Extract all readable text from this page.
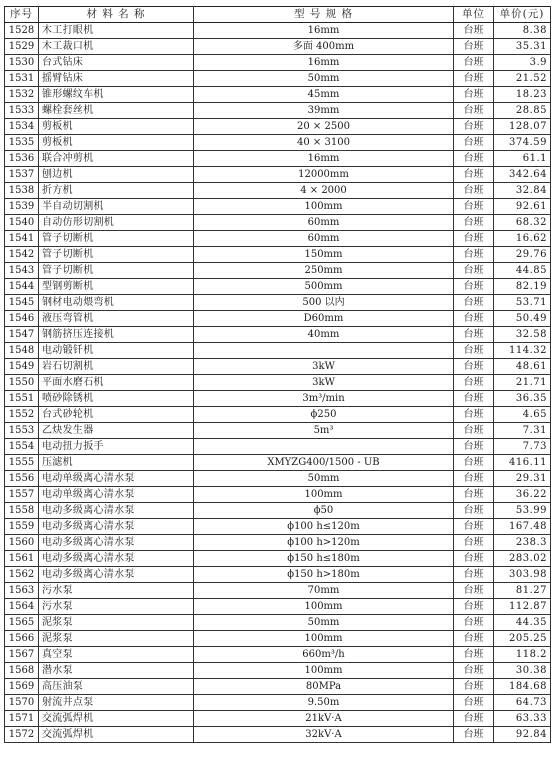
序号	材 料 名 称	型 号 规 格	单位	单价(元)
1528	木工打眼机	16mm	台班	8.38
1529	木工裁口机	多面 400mm	台班	35.31
1530	台式钻床	16mm	台班	3.9
1531	摇臂钻床	50mm	台班	21.52
1532	锥形螺纹车机	45mm	台班	18.23
1533	螺栓套丝机	39mm	台班	28.85
1534	剪板机	20 × 2500	台班	128.07
1535	剪板机	40 × 3100	台班	374.59
1536	联合冲剪机	16mm	台班	61.1
1537	刨边机	12000mm	台班	342.64
1538	折方机	4 × 2000	台班	32.84
1539	半自动切割机	100mm	台班	92.61
1540	自动仿形切割机	60mm	台班	68.32
1541	管子切断机	60mm	台班	16.62
1542	管子切断机	150mm	台班	29.76
1543	管子切断机	250mm	台班	44.85
1544	型钢剪断机	500mm	台班	82.19
1545	钢材电动煨弯机	500 以内	台班	53.71
1546	液压弯管机	D60mm	台班	50.49
1547	钢筋挤压连接机	40mm	台班	32.58
1548	电动锻钎机		台班	114.32
1549	岩石切割机	3kW	台班	48.61
1550	平面水磨石机	3kW	台班	21.71
1551	喷砂除锈机	3m³/min	台班	36.35
1552	台式砂轮机	ϕ250	台班	4.65
1553	乙炔发生器	5m³	台班	7.31
1554	电动扭力扳手		台班	7.73
1555	压滤机	XMYZG400/1500 - UB	台班	416.11
1556	电动单级离心清水泵	50mm	台班	29.31
1557	电动单级离心清水泵	100mm	台班	36.22
1558	电动多级离心清水泵	ϕ50	台班	53.99
1559	电动多级离心清水泵	ϕ100 h≤120m	台班	167.48
1560	电动多级离心清水泵	ϕ100 h>120m	台班	238.3
1561	电动多级离心清水泵	ϕ150 h≤180m	台班	283.02
1562	电动多级离心清水泵	ϕ150 h>180m	台班	303.98
1563	污水泵	70mm	台班	81.27
1564	污水泵	100mm	台班	112.87
1565	泥浆泵	50mm	台班	44.35
1566	泥浆泵	100mm	台班	205.25
1567	真空泵	660m³/h	台班	118.2
1568	潜水泵	100mm	台班	30.38
1569	高压油泵	80MPa	台班	184.68
1570	射流井点泵	9.50m	台班	64.73
1571	交流弧焊机	21kV·A	台班	63.33
1572	交流弧焊机	32kV·A	台班	92.84
